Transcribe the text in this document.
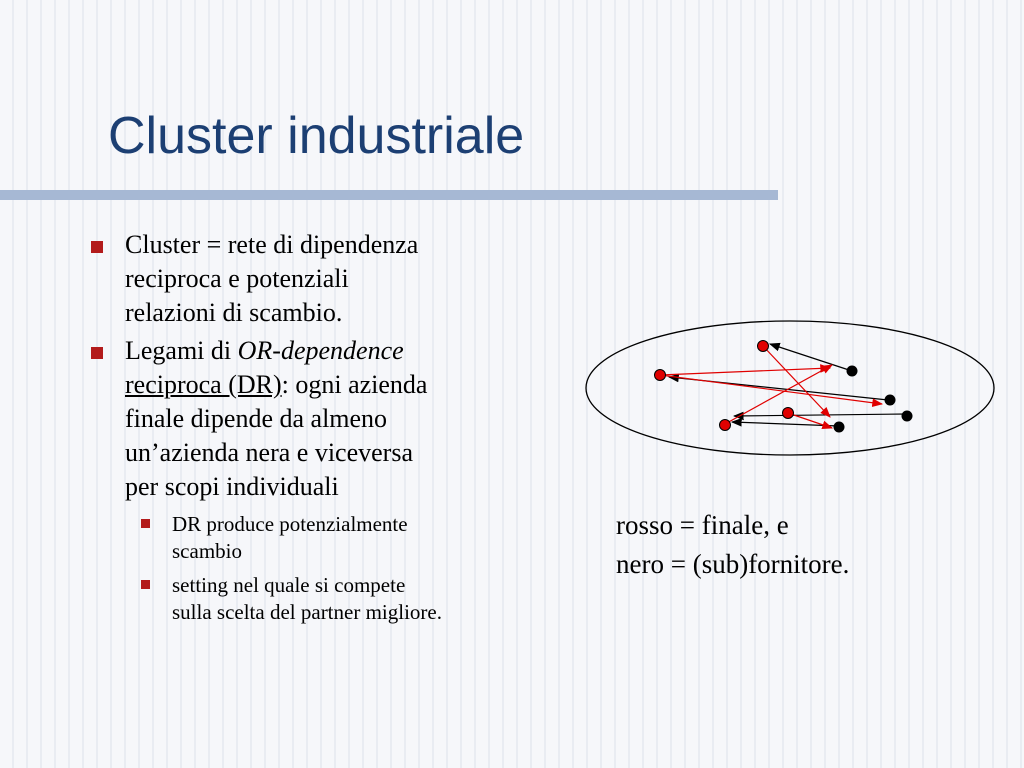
Cluster industriale
Cluster = rete di dipendenza
reciproca e potenziali
relazioni di scambio.
Legami di OR-dependence
reciproca (DR): ogni azienda
finale dipende da almeno
un’azienda nera e viceversa
per scopi individuali
DR produce potenzialmente
scambio
setting nel quale si compete
sulla scelta del partner migliore.
rosso = finale, e
nero = (sub)fornitore.
